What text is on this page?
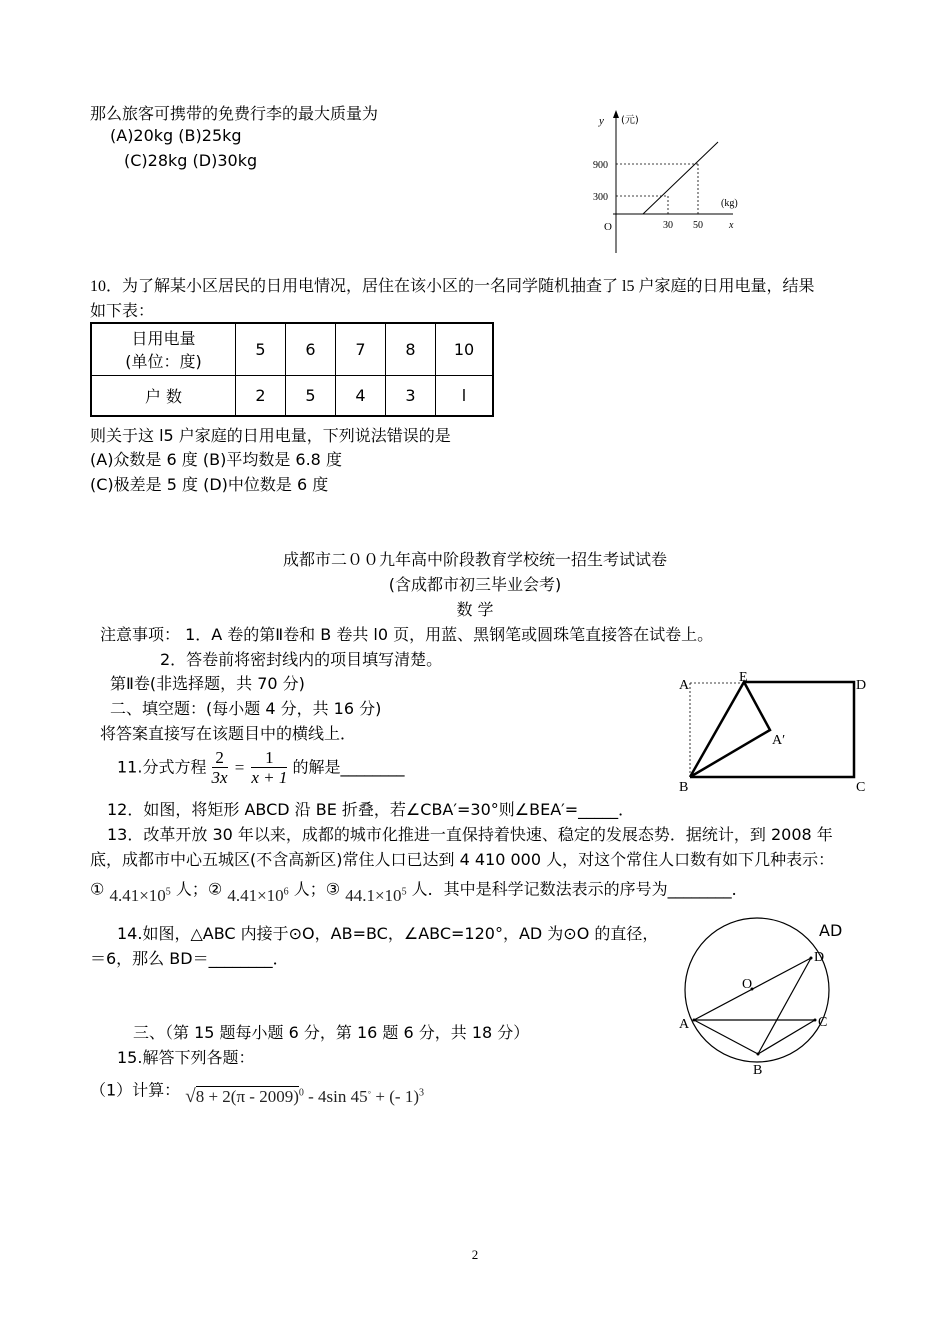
那么旅客可携带的免费行李的最大质量为
(A)20kg (B)25kg
(C)28kg (D)30kg
y (元)
900
300
(kg)
O	30 50	x
10．为了解某小区居民的日用电情况，居住在该小区的一名同学随机抽查了 l5 户家庭的日用电量，结果
如下表：
日用电量
(单位：度)	5	6	7	8	10
户 数	2	5	4	3	l
则关于这 l5 户家庭的日用电量，下列说法错误的是
(A)众数是 6 度 (B)平均数是 6.8 度
(C)极差是 5 度 (D)中位数是 6 度
成都市二００九年高中阶段教育学校统一招生考试试卷
(含成都市初三毕业会考)
数 学
注意事项： 1．A 卷的第Ⅱ卷和 B 卷共 l0 页，用蓝、黑钢笔或圆珠笔直接答在试卷上。
2．答卷前将密封线内的项目填写清楚。
第Ⅱ卷(非选择题，共 70 分)
二、填空题：(每小题 4 分，共 16 分)
将答案直接写在该题目中的横线上．
A
E
D
A′
B	C
11.分式方程 $\frac{2}{3x} = \frac{1}{x + 1}$ 的解是________
12．如图，将矩形 ABCD 沿 BE 折叠，若∠CBA′=30°则∠BEA′=_____．
13．改革开放 30 年以来，成都的城市化推进一直保持着快速、稳定的发展态势．据统计，到 2008 年
底，成都市中心五城区(不含高新区)常住人口已达到 4 410 000 人，对这个常住人口数有如下几种表示：
① $4.41\times 10^5$ 人；② $4.41\times 10^6$ 人；③ $44.1\times 10^5$ 人．其中是科学记数法表示的序号为________．
14.如图，△ABC 内接于⊙O，AB=BC，∠ABC=120°，AD 为⊙O 的直径，	AD
＝6，那么 BD＝________．
O
A
D
C
B
三、（第 15 题每小题 6 分，第 16 题 6 分，共 18 分）
15.解答下列各题：
（1）计算： √8 + 2(π - 2009)$^0$ - 4sin 45◦ + (- 1)$^3$
2
